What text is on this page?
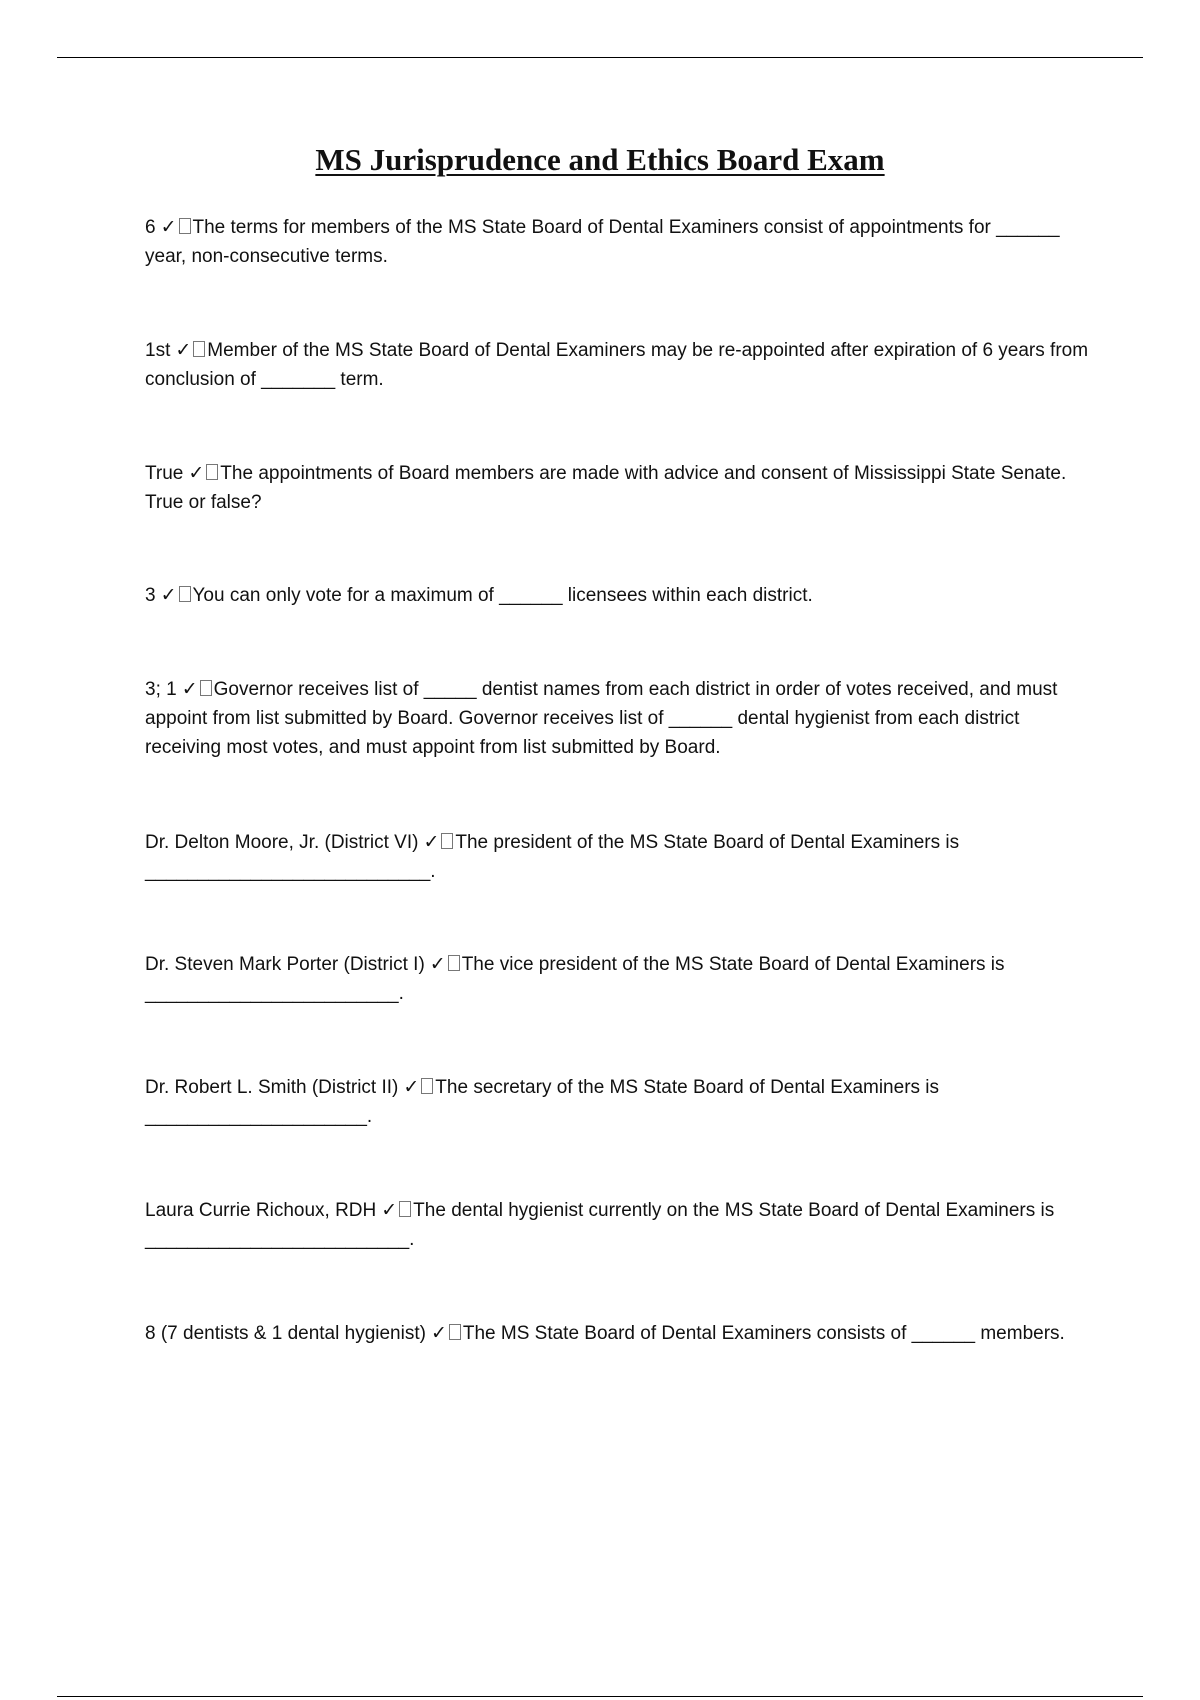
MS Jurisprudence and Ethics Board Exam

6 ✓ The terms for members of the MS State Board of Dental Examiners consist of appointments for ______ year, non-consecutive terms.

1st ✓ Member of the MS State Board of Dental Examiners may be re-appointed after expiration of 6 years from conclusion of _______ term.

True ✓ The appointments of Board members are made with advice and consent of Mississippi State Senate. True or false?

3 ✓ You can only vote for a maximum of ______ licensees within each district.

3; 1 ✓ Governor receives list of _____ dentist names from each district in order of votes received, and must appoint from list submitted by Board. Governor receives list of ______ dental hygienist from each district receiving most votes, and must appoint from list submitted by Board.

Dr. Delton Moore, Jr. (District VI) ✓ The president of the MS State Board of Dental Examiners is ___________________________.

Dr. Steven Mark Porter (District I) ✓ The vice president of the MS State Board of Dental Examiners is ________________________.

Dr. Robert L. Smith (District II) ✓ The secretary of the MS State Board of Dental Examiners is _____________________.

Laura Currie Richoux, RDH ✓ The dental hygienist currently on the MS State Board of Dental Examiners is _________________________.

8 (7 dentists & 1 dental hygienist) ✓ The MS State Board of Dental Examiners consists of ______ members.
